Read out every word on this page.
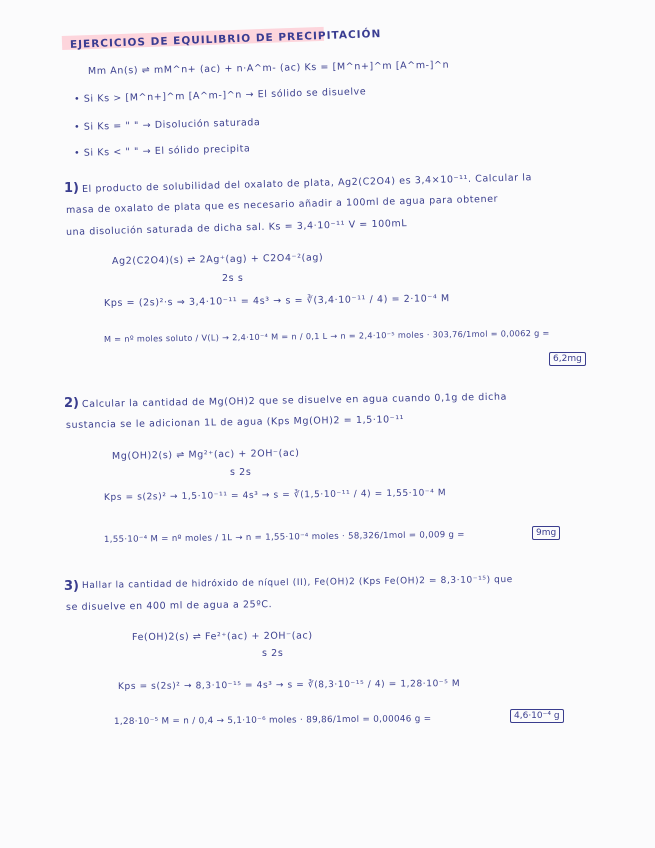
EJERCICIOS DE EQUILIBRIO DE PRECIPITACIÓN
Mm An(s) ⇌ mM^n+ (ac) + n·A^m- (ac) Ks = [M^n+]^m [A^m-]^n
• Si Ks > [M^n+]^m [A^m-]^n → El sólido se disuelve
• Si Ks = " " → Disolución saturada
• Si Ks < " " → El sólido precipita
1) El producto de solubilidad del oxalato de plata, Ag2(C2O4) es 3,4×10⁻¹¹. Calcular la
masa de oxalato de plata que es necesario añadir a 100ml de agua para obtener
una disolución saturada de dicha sal. Ks = 3,4·10⁻¹¹ V = 100mL
Ag2(C2O4)(s) ⇌ 2Ag⁺(ag) + C2O4⁻²(ag)
2s s
Kps = (2s)²·s ⇒ 3,4·10⁻¹¹ = 4s³ → s = ∛(3,4·10⁻¹¹ / 4) = 2·10⁻⁴ M
M = nº moles soluto / V(L) → 2,4·10⁻⁴ M = n / 0,1 L → n = 2,4·10⁻⁵ moles · 303,76/1mol = 0,0062 g =
6,2mg
2) Calcular la cantidad de Mg(OH)2 que se disuelve en agua cuando 0,1g de dicha
sustancia se le adicionan 1L de agua (Kps Mg(OH)2 = 1,5·10⁻¹¹
Mg(OH)2(s) ⇌ Mg²⁺(ac) + 2OH⁻(ac)
s 2s
Kps = s(2s)² → 1,5·10⁻¹¹ = 4s³ → s = ∛(1,5·10⁻¹¹ / 4) = 1,55·10⁻⁴ M
1,55·10⁻⁴ M = nº moles / 1L → n = 1,55·10⁻⁴ moles · 58,326/1mol = 0,009 g =	9mg
3) Hallar la cantidad de hidróxido de níquel (II), Fe(OH)2 (Kps Fe(OH)2 = 8,3·10⁻¹⁵) que
se disuelve en 400 ml de agua a 25ºC.
Fe(OH)2(s) ⇌ Fe²⁺(ac) + 2OH⁻(ac)
s 2s
Kps = s(2s)² → 8,3·10⁻¹⁵ = 4s³ → s = ∛(8,3·10⁻¹⁵ / 4) = 1,28·10⁻⁵ M
1,28·10⁻⁵ M = n / 0,4 → 5,1·10⁻⁶ moles · 89,86/1mol = 0,00046 g =	4,6·10⁻⁴ g
